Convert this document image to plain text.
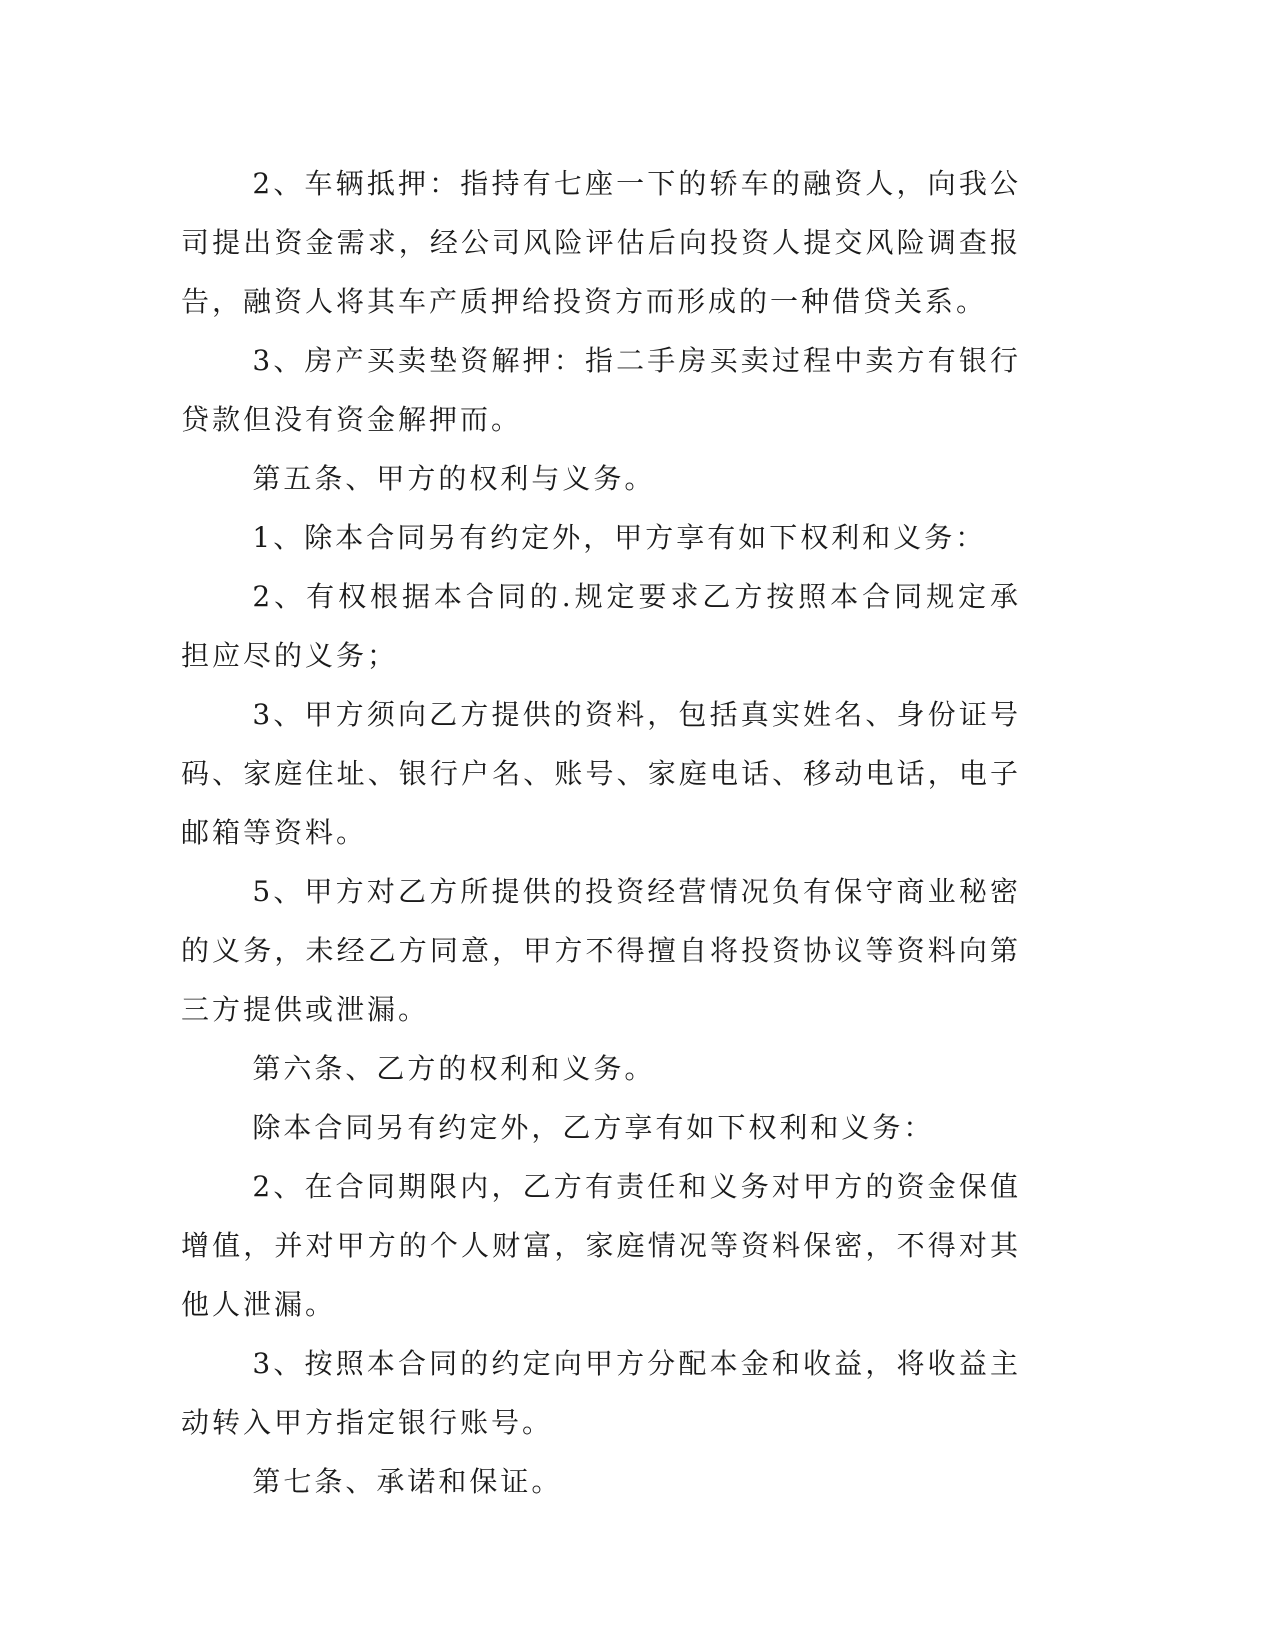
2、车辆抵押：指持有七座一下的轿车的融资人，向我公司提出资金需求，经公司风险评估后向投资人提交风险调查报告，融资人将其车产质押给投资方而形成的一种借贷关系。

3、房产买卖垫资解押：指二手房买卖过程中卖方有银行贷款但没有资金解押而。

第五条、甲方的权利与义务。

1、除本合同另有约定外，甲方享有如下权利和义务：

2、有权根据本合同的.规定要求乙方按照本合同规定承担应尽的义务；

3、甲方须向乙方提供的资料，包括真实姓名、身份证号码、家庭住址、银行户名、账号、家庭电话、移动电话，电子邮箱等资料。

5、甲方对乙方所提供的投资经营情况负有保守商业秘密的义务，未经乙方同意，甲方不得擅自将投资协议等资料向第三方提供或泄漏。

第六条、乙方的权利和义务。

除本合同另有约定外，乙方享有如下权利和义务：

2、在合同期限内，乙方有责任和义务对甲方的资金保值增值，并对甲方的个人财富，家庭情况等资料保密，不得对其他人泄漏。

3、按照本合同的约定向甲方分配本金和收益，将收益主动转入甲方指定银行账号。

第七条、承诺和保证。
